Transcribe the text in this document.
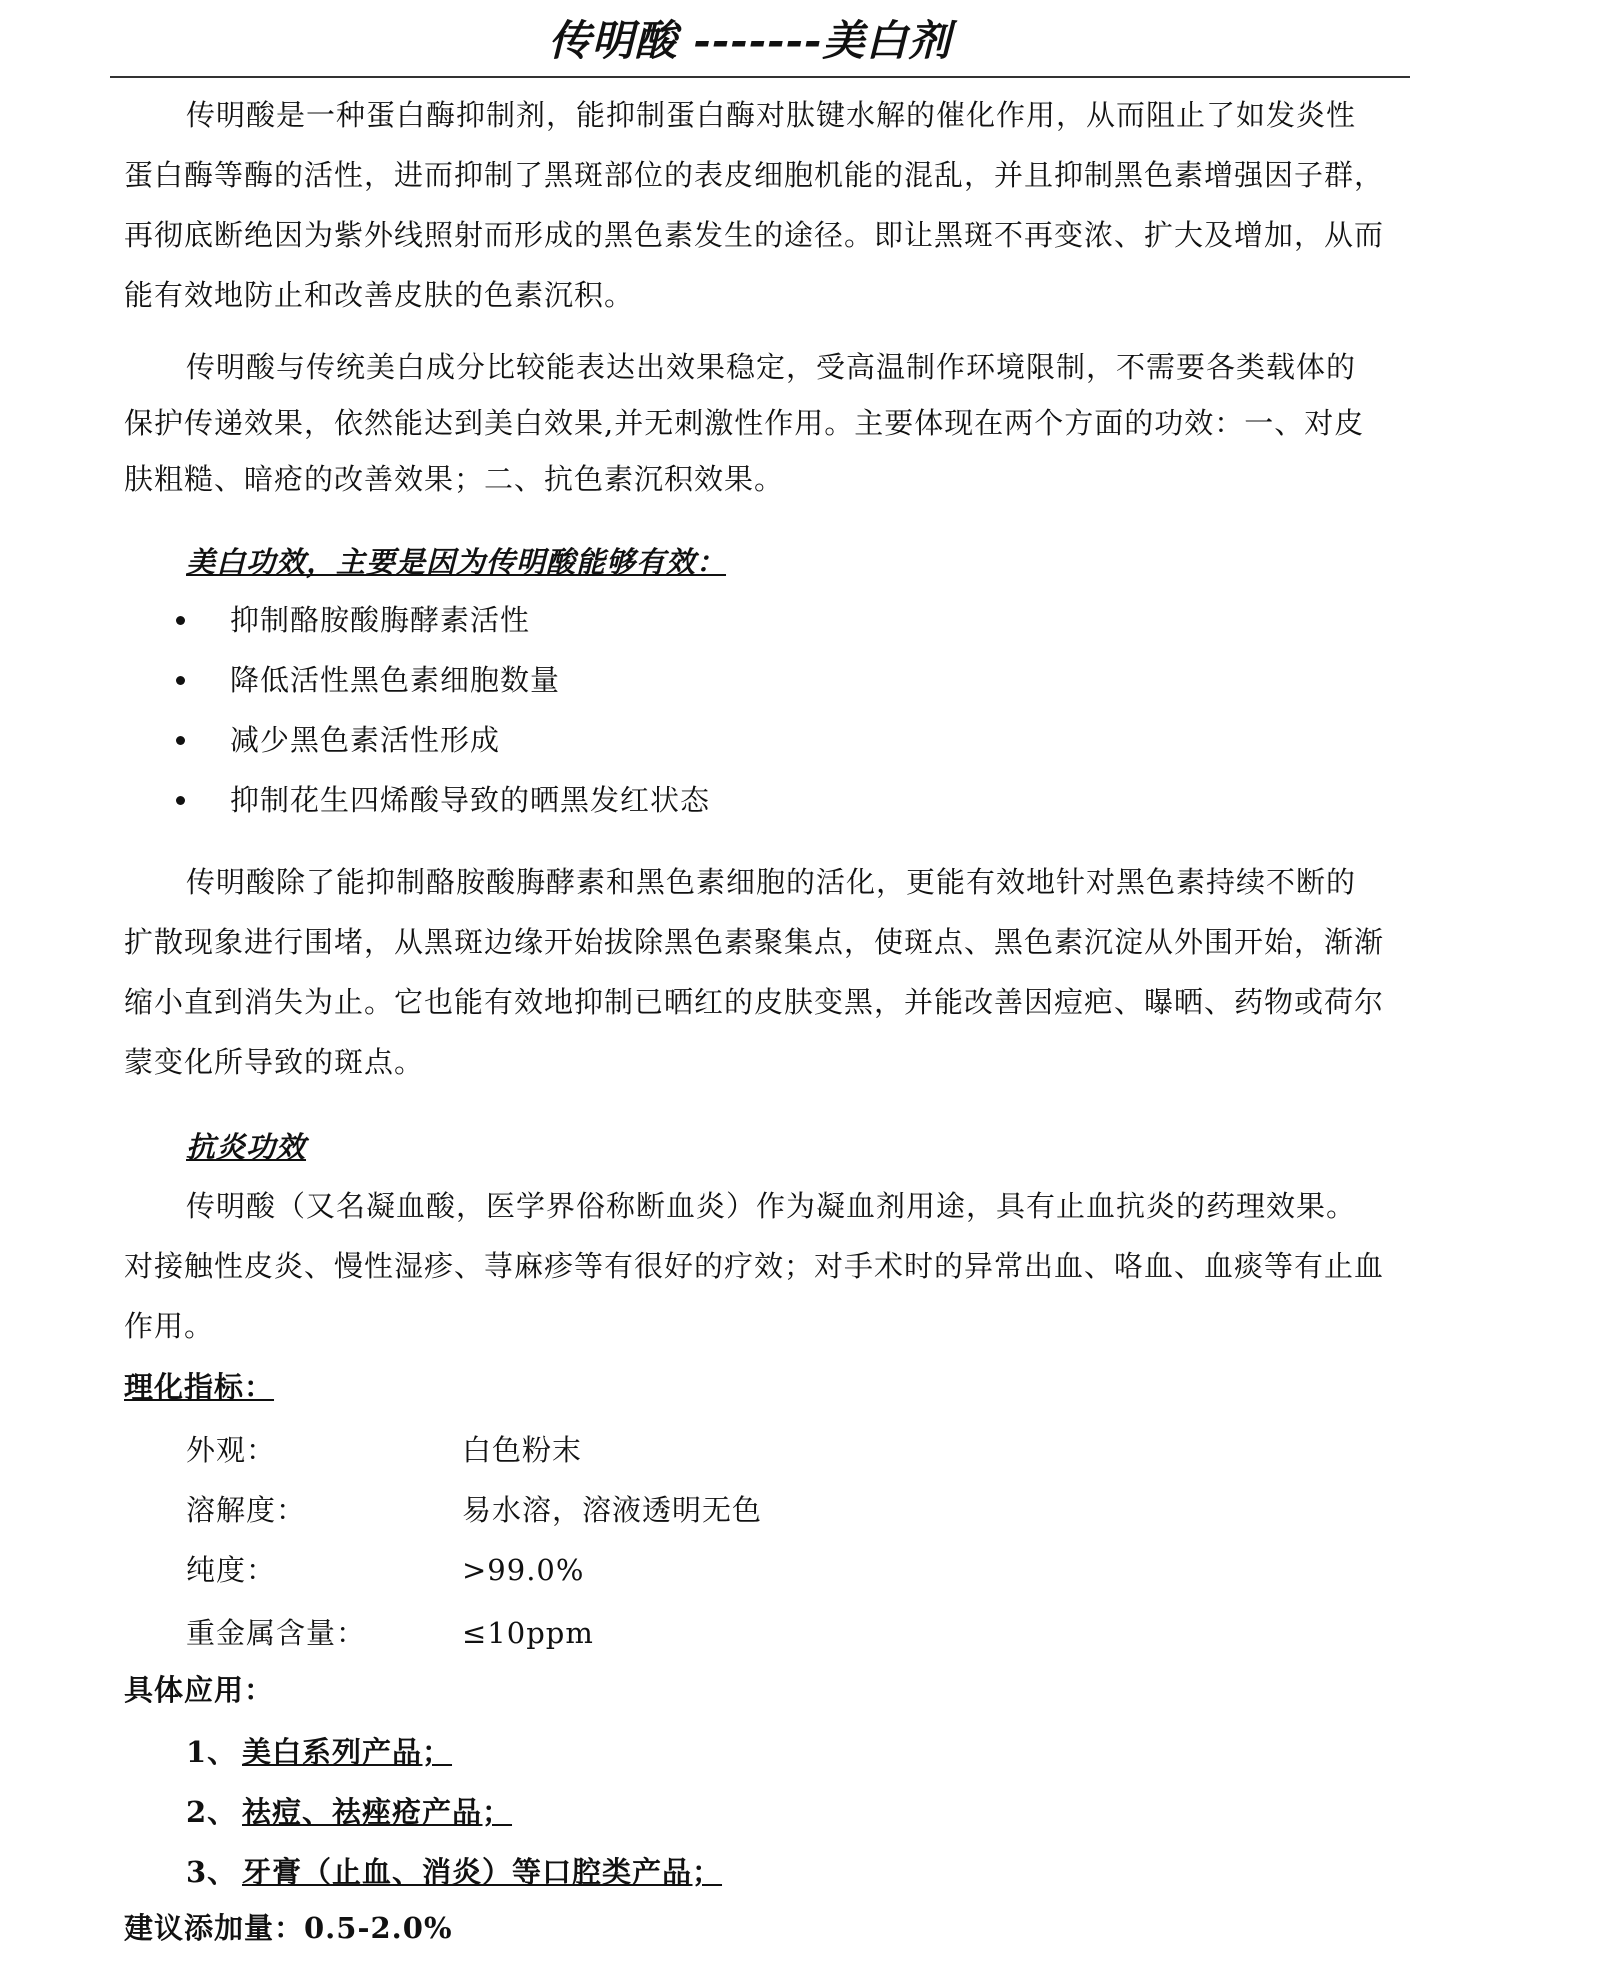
传明酸 -------美白剂
传明酸是一种蛋白酶抑制剂，能抑制蛋白酶对肽键水解的催化作用，从而阻止了如发炎性蛋白酶等酶的活性，进而抑制了黑斑部位的表皮细胞机能的混乱，并且抑制黑色素增强因子群，再彻底断绝因为紫外线照射而形成的黑色素发生的途径。即让黑斑不再变浓、扩大及增加，从而能有效地防止和改善皮肤的色素沉积。
传明酸与传统美白成分比较能表达出效果稳定，受高温制作环境限制，不需要各类载体的保护传递效果，依然能达到美白效果,并无刺激性作用。主要体现在两个方面的功效：一、对皮肤粗糙、暗疮的改善效果；二、抗色素沉积效果。
美白功效，主要是因为传明酸能够有效：
抑制酪胺酸脢酵素活性
降低活性黑色素细胞数量
减少黑色素活性形成
抑制花生四烯酸导致的晒黑发红状态
传明酸除了能抑制酪胺酸脢酵素和黑色素细胞的活化，更能有效地针对黑色素持续不断的扩散现象进行围堵，从黑斑边缘开始拔除黑色素聚集点，使斑点、黑色素沉淀从外围开始，渐渐缩小直到消失为止。它也能有效地抑制已晒红的皮肤变黑，并能改善因痘疤、曝晒、药物或荷尔蒙变化所导致的斑点。
抗炎功效
传明酸（又名凝血酸，医学界俗称断血炎）作为凝血剂用途，具有止血抗炎的药理效果。对接触性皮炎、慢性湿疹、荨麻疹等有很好的疗效；对手术时的异常出血、咯血、血痰等有止血作用。
理化指标：
外观：	白色粉末
溶解度：	易水溶，溶液透明无色
纯度：	>99.0%
重金属含量：	≤10ppm
具体应用：
1、 美白系列产品；
2、 祛痘、祛痤疮产品；
3、 牙膏（止血、消炎）等口腔类产品；
建议添加量：0.5-2.0%
